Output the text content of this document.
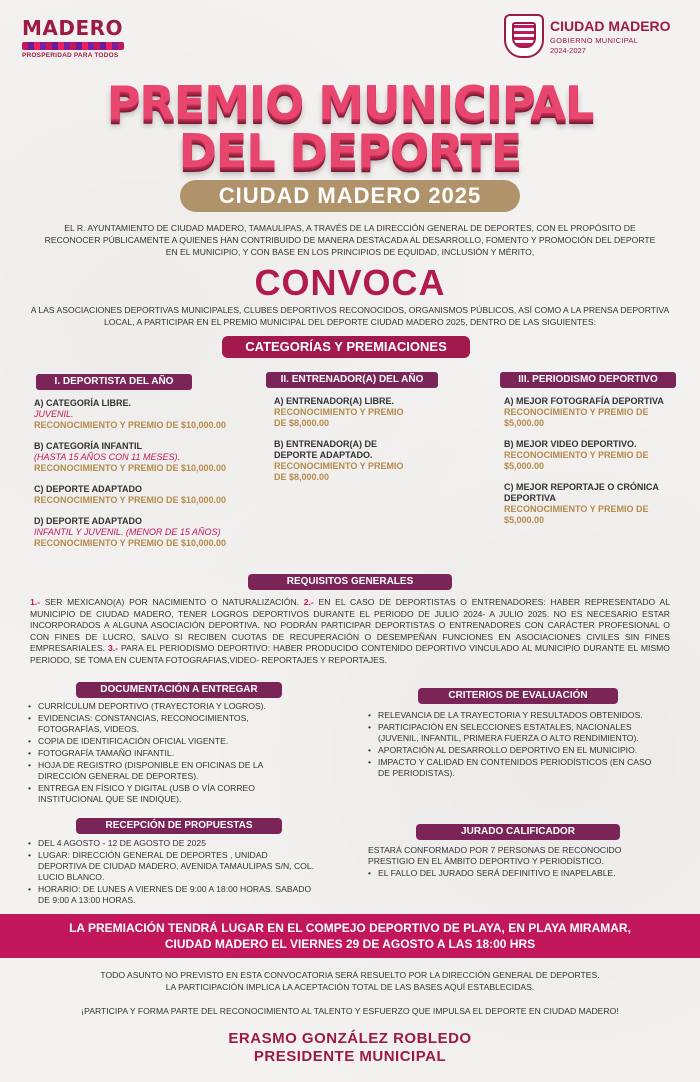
MADERO
PROSPERIDAD PARA TODOS
CIUDAD MADERO
GOBIERNO MUNICIPAL
2024-2027
PREMIO MUNICIPAL
DEL DEPORTE
CIUDAD MADERO 2025
EL R. AYUNTAMIENTO DE CIUDAD MADERO, TAMAULIPAS, A TRAVÉS DE LA DIRECCIÓN GENERAL DE DEPORTES, CON EL PROPÓSITO DE RECONOCER PÚBLICAMENTE A QUIENES HAN CONTRIBUIDO DE MANERA DESTACADA AL DESARROLLO, FOMENTO Y PROMOCIÓN DEL DEPORTE EN EL MUNICIPIO, Y CON BASE EN LOS PRINCIPIOS DE EQUIDAD, INCLUSIÓN Y MÉRITO,
CONVOCA
A LAS ASOCIACIONES DEPORTIVAS MUNICIPALES, CLUBES DEPORTIVOS RECONOCIDOS, ORGANISMOS PÚBLICOS, ASÍ COMO A LA PRENSA DEPORTIVA LOCAL, A PARTICIPAR EN EL PREMIO MUNICIPAL DEL DEPORTE CIUDAD MADERO 2025, DENTRO DE LAS SIGUIENTES:
CATEGORÍAS Y PREMIACIONES
I. DEPORTISTA DEL AÑO
A) CATEGORÍA LIBRE.
JUVENIL.
RECONOCIMIENTO Y PREMIO DE $10,000.00
B) CATEGORÍA INFANTIL
(HASTA 15 AÑOS CON 11 MESES).
RECONOCIMIENTO Y PREMIO DE $10,000.00
C) DEPORTE ADAPTADO
RECONOCIMIENTO Y PREMIO DE $10,000.00
D) DEPORTE ADAPTADO
INFANTIL Y JUVENIL. (MENOR DE 15 AÑOS)
RECONOCIMIENTO Y PREMIO DE $10,000.00
II. ENTRENADOR(A) DEL AÑO
A) ENTRENADOR(A) LIBRE.
RECONOCIMIENTO Y PREMIO DE $8,000.00
B) ENTRENADOR(A) DE DEPORTE ADAPTADO.
RECONOCIMIENTO Y PREMIO DE $8,000.00
III. PERIODISMO DEPORTIVO
A) MEJOR FOTOGRAFÍA DEPORTIVA
RECONOCIMIENTO Y PREMIO DE $5,000.00
B) MEJOR VIDEO DEPORTIVO.
RECONOCIMIENTO Y PREMIO DE $5,000.00
C) MEJOR REPORTAJE O CRÓNICA DEPORTIVA
RECONOCIMIENTO Y PREMIO DE $5,000.00
REQUISITOS GENERALES
1.- SER MEXICANO(A) POR NACIMIENTO O NATURALIZACIÓN. 2.- EN EL CASO DE DEPORTISTAS O ENTRENADORES: HABER REPRESENTADO AL MUNICIPIO DE CIUDAD MADERO, TENER LOGROS DEPORTIVOS DURANTE EL PERIODO DE JULIO 2024- A JULIO 2025. NO ES NECESARIO ESTAR INCORPORADOS A ALGUNA ASOCIACIÓN DEPORTIVA. NO PODRÁN PARTICIPAR DEPORTISTAS O ENTRENADORES CON CARÁCTER PROFESIONAL O CON FINES DE LUCRO, SALVO SI RECIBEN CUOTAS DE RECUPERACIÓN O DESEMPEÑAN FUNCIONES EN ASOCIACIONES CIVILES SIN FINES EMPRESARIALES. 3.- PARA EL PERIODISMO DEPORTIVO: HABER PRODUCIDO CONTENIDO DEPORTIVO VINCULADO AL MUNICIPIO DURANTE EL MISMO PERIODO, SE TOMA EN CUENTA FOTOGRAFIAS,VIDEO- REPORTAJES Y REPORTAJES.
DOCUMENTACIÓN A ENTREGAR
• CURRÍCULUM DEPORTIVO (TRAYECTORIA Y LOGROS).
• EVIDENCIAS: CONSTANCIAS, RECONOCIMIENTOS, FOTOGRAFÍAS, VIDEOS.
• COPIA DE IDENTIFICACIÓN OFICIAL VIGENTE.
• FOTOGRAFÍA TAMAÑO INFANTIL.
• HOJA DE REGISTRO (DISPONIBLE EN OFICINAS DE LA DIRECCIÓN GENERAL DE DEPORTES).
• ENTREGA EN FÍSICO Y DIGITAL (USB O VÍA CORREO INSTITUCIONAL QUE SE INDIQUE).
RECEPCIÓN DE PROPUESTAS
• DEL 4 AGOSTO - 12 DE AGOSTO DE 2025
• LUGAR: DIRECCIÓN GENERAL DE DEPORTES , UNIDAD DEPORTIVA DE CIUDAD MADERO, AVENIDA TAMAULIPAS S/N, COL. LUCIO BLANCO.
• HORARIO: DE LUNES A VIERNES DE 9:00 A 18:00 HORAS. SABADO DE 9:00 A 13:00 HORAS.
CRITERIOS DE EVALUACIÓN
• RELEVANCIA DE LA TRAYECTORIA Y RESULTADOS OBTENIDOS.
• PARTICIPACIÓN EN SELECCIONES ESTATALES, NACIONALES (JUVENIL, INFANTIL, PRIMERA FUERZA O ALTO RENDIMIENTO).
• APORTACIÓN AL DESARROLLO DEPORTIVO EN EL MUNICIPIO.
• IMPACTO Y CALIDAD EN CONTENIDOS PERIODÍSTICOS (EN CASO DE PERIODISTAS).
JURADO CALIFICADOR
ESTARÁ CONFORMADO POR 7 PERSONAS DE RECONOCIDO PRESTIGIO EN EL ÁMBITO DEPORTIVO Y PERIODÍSTICO.
• EL FALLO DEL JURADO SERÁ DEFINITIVO E INAPELABLE.
LA PREMIACIÓN TENDRÁ LUGAR EN EL COMPEJO DEPORTIVO DE PLAYA, EN PLAYA MIRAMAR,
CIUDAD MADERO EL VIERNES 29 DE AGOSTO A LAS 18:00 HRS
TODO ASUNTO NO PREVISTO EN ESTA CONVOCATORIA SERÁ RESUELTO POR LA DIRECCIÓN GENERAL DE DEPORTES.
LA PARTICIPACIÓN IMPLICA LA ACEPTACIÓN TOTAL DE LAS BASES AQUÍ ESTABLECIDAS.
¡PARTICIPA Y FORMA PARTE DEL RECONOCIMIENTO AL TALENTO Y ESFUERZO QUE IMPULSA EL DEPORTE EN CIUDAD MADERO!
ERASMO GONZÁLEZ ROBLEDO
PRESIDENTE MUNICIPAL
